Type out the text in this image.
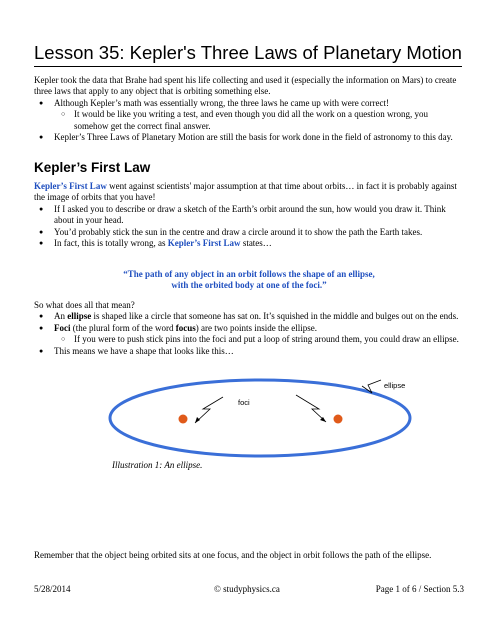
Lesson 35: Kepler's Three Laws of Planetary Motion

Kepler took the data that Brahe had spent his life collecting and used it (especially the information on Mars) to create three laws that apply to any object that is orbiting something else.

● Although Kepler’s math was essentially wrong, the three laws he came up with were correct!
○ It would be like you writing a test, and even though you did all the work on a question wrong, you somehow get the correct final answer.
● Kepler’s Three Laws of Planetary Motion are still the basis for work done in the field of astronomy to this day.
Kepler’s First Law

Kepler’s First Law went against scientists' major assumption at that time about orbits… in fact it is probably against the image of orbits that you have!

● If I asked you to describe or draw a sketch of the Earth’s orbit around the sun, how would you draw it. Think about in your head.
● You’d probably stick the sun in the centre and draw a circle around it to show the path the Earth takes.
● In fact, this is totally wrong, as Kepler’s First Law states…
“The path of any object in an orbit follows the shape of an ellipse,
with the orbited body at one of the foci.”

So what does all that mean?

● An ellipse is shaped like a circle that someone has sat on. It’s squished in the middle and bulges out on the ends.
● Foci (the plural form of the word focus) are two points inside the ellipse.
○ If you were to push stick pins into the foci and put a loop of string around them, you could draw an ellipse.
● This means we have a shape that looks like this…
foci
ellipse
Illustration 1: An ellipse.

Remember that the object being orbited sits at one focus, and the object in orbit follows the path of the ellipse.

5/28/2014	© studyphysics.ca	Page 1 of 6 / Section 5.3
